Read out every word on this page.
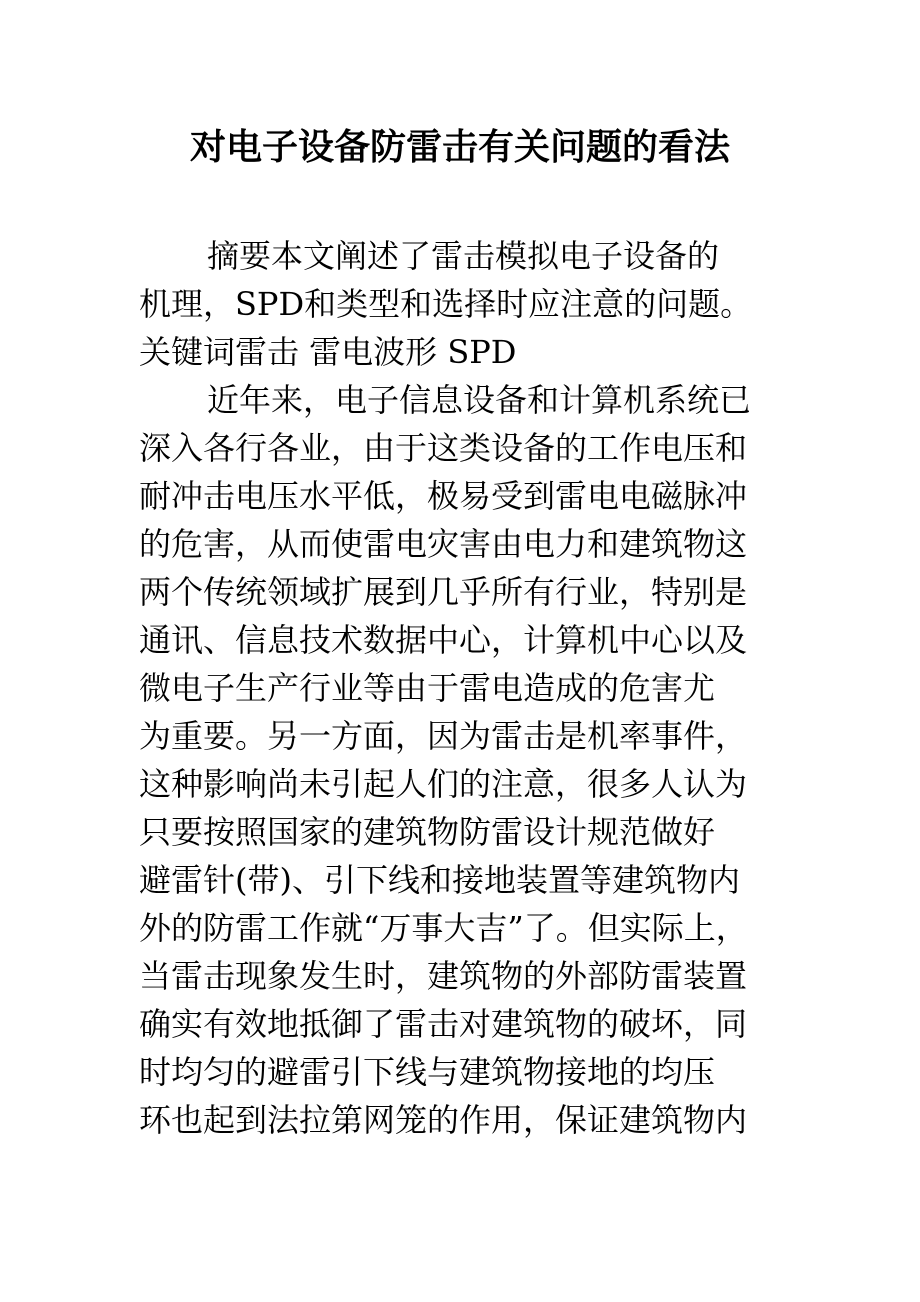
对电子设备防雷击有关问题的看法
摘要本文阐述了雷击模拟电子设备的
机理，SPD和类型和选择时应注意的问题。
关键词雷击 雷电波形 SPD
近年来，电子信息设备和计算机系统已
深入各行各业，由于这类设备的工作电压和
耐冲击电压水平低，极易受到雷电电磁脉冲
的危害，从而使雷电灾害由电力和建筑物这
两个传统领域扩展到几乎所有行业，特别是
通讯、信息技术数据中心，计算机中心以及
微电子生产行业等由于雷电造成的危害尤
为重要。另一方面，因为雷击是机率事件，
这种影响尚未引起人们的注意，很多人认为
只要按照国家的建筑物防雷设计规范做好
避雷针(带)、引下线和接地装置等建筑物内
外的防雷工作就“万事大吉”了。但实际上，
当雷击现象发生时，建筑物的外部防雷装置
确实有效地抵御了雷击对建筑物的破坏，同
时均匀的避雷引下线与建筑物接地的均压
环也起到法拉第网笼的作用，保证建筑物内
